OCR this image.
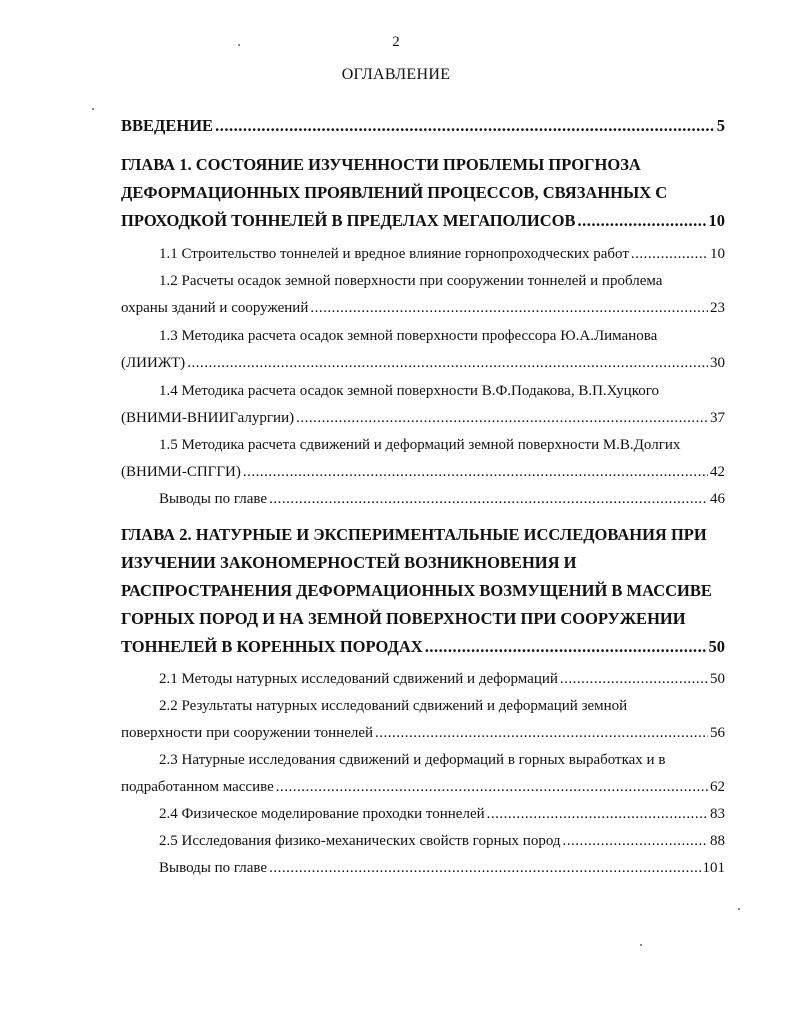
2
ОГЛАВЛЕНИЕ
ВВЕДЕНИЕ .....	5
ГЛАВА 1. СОСТОЯНИЕ ИЗУЧЕННОСТИ ПРОБЛЕМЫ ПРОГНОЗА
ДЕФОРМАЦИОННЫХ ПРОЯВЛЕНИЙ ПРОЦЕССОВ, СВЯЗАННЫХ С
ПРОХОДКОЙ ТОННЕЛЕЙ В ПРЕДЕЛАХ МЕГАПОЛИСОВ .....	10
1.1 Строительство тоннелей и вредное влияние горнопроходческих работ .....	10
1.2 Расчеты осадок земной поверхности при сооружении тоннелей и проблема
охраны зданий и сооружений .....	23
1.3 Методика расчета осадок земной поверхности профессора Ю.А.Лиманова
(ЛИИЖТ) .....	30
1.4 Методика расчета осадок земной поверхности В.Ф.Подакова, В.П.Хуцкого
(ВНИМИ-ВНИИГалургии) .....	37
1.5 Методика расчета сдвижений и деформаций земной поверхности М.В.Долгих
(ВНИМИ-СПГГИ) .....	42
Выводы по главе .....	46
ГЛАВА 2. НАТУРНЫЕ И ЭКСПЕРИМЕНТАЛЬНЫЕ ИССЛЕДОВАНИЯ ПРИ
ИЗУЧЕНИИ ЗАКОНОМЕРНОСТЕЙ ВОЗНИКНОВЕНИЯ И
РАСПРОСТРАНЕНИЯ ДЕФОРМАЦИОННЫХ ВОЗМУЩЕНИЙ В МАССИВЕ
ГОРНЫХ ПОРОД И НА ЗЕМНОЙ ПОВЕРХНОСТИ ПРИ СООРУЖЕНИИ
ТОННЕЛЕЙ В КОРЕННЫХ ПОРОДАХ .....	50
2.1 Методы натурных исследований сдвижений и деформаций .....	50
2.2 Результаты натурных исследований сдвижений и деформаций земной
поверхности при сооружении тоннелей .....	56
2.3 Натурные исследования сдвижений и деформаций в горных выработках и в
подработанном массиве .....	62
2.4 Физическое моделирование проходки тоннелей .....	83
2.5 Исследования физико-механических свойств горных пород .....	88
Выводы по главе .....	101
